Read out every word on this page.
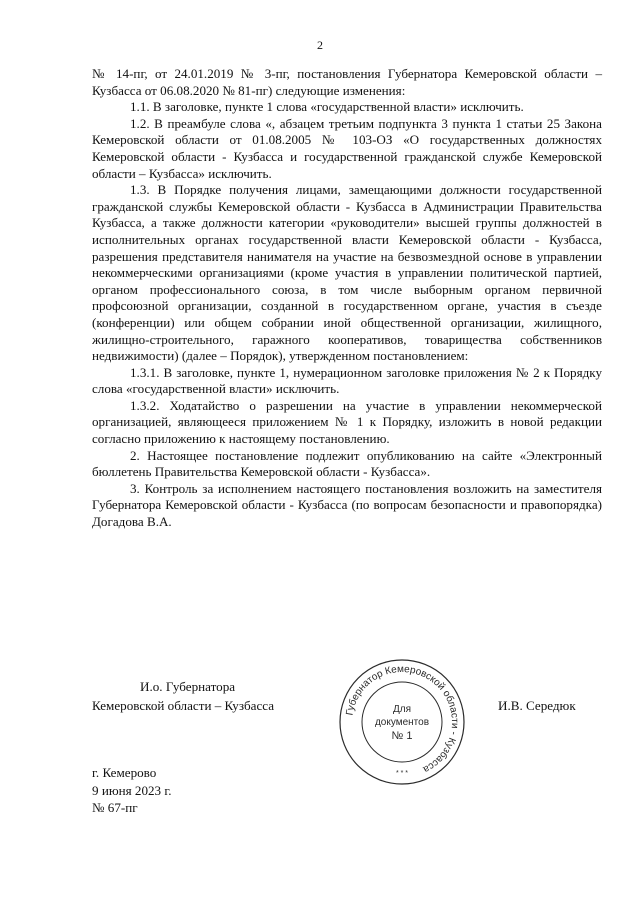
2

№ 14-пг, от 24.01.2019 № 3-пг, постановления Губернатора Кемеровской области – Кузбасса от 06.08.2020 № 81-пг) следующие изменения:

1.1. В заголовке, пункте 1 слова «государственной власти» исключить.

1.2. В преамбуле слова «, абзацем третьим подпункта 3 пункта 1 статьи 25 Закона Кемеровской области от 01.08.2005 № 103-ОЗ «О государственных должностях Кемеровской области - Кузбасса и государственной гражданской службе Кемеровской области – Кузбасса» исключить.

1.3. В Порядке получения лицами, замещающими должности государственной гражданской службы Кемеровской области - Кузбасса в Администрации Правительства Кузбасса, а также должности категории «руководители» высшей группы должностей в исполнительных органах государственной власти Кемеровской области - Кузбасса, разрешения представителя нанимателя на участие на безвозмездной основе в управлении некоммерческими организациями (кроме участия в управлении политической партией, органом профессионального союза, в том числе выборным органом первичной профсоюзной организации, созданной в государственном органе, участия в съезде (конференции) или общем собрании иной общественной организации, жилищного, жилищно-строительного, гаражного кооперативов, товарищества собственников недвижимости) (далее – Порядок), утвержденном постановлением:

1.3.1. В заголовке, пункте 1, нумерационном заголовке приложения № 2 к Порядку слова «государственной власти» исключить.

1.3.2. Ходатайство о разрешении на участие в управлении некоммерческой организацией, являющееся приложением № 1 к Порядку, изложить в новой редакции согласно приложению к настоящему постановлению.

2. Настоящее постановление подлежит опубликованию на сайте «Электронный бюллетень Правительства Кемеровской области - Кузбасса».

3. Контроль за исполнением настоящего постановления возложить на заместителя Губернатора Кемеровской области - Кузбасса (по вопросам безопасности и правопорядка) Догадова В.А.

И.о. Губернатора
Кемеровской области – Кузбасса	Губернатор Кемеровской области - Кузбасса
Для
документов
№ 1
* * *
И.В. Середюк
г. Кемерово
9 июня 2023 г.
№ 67-пг
